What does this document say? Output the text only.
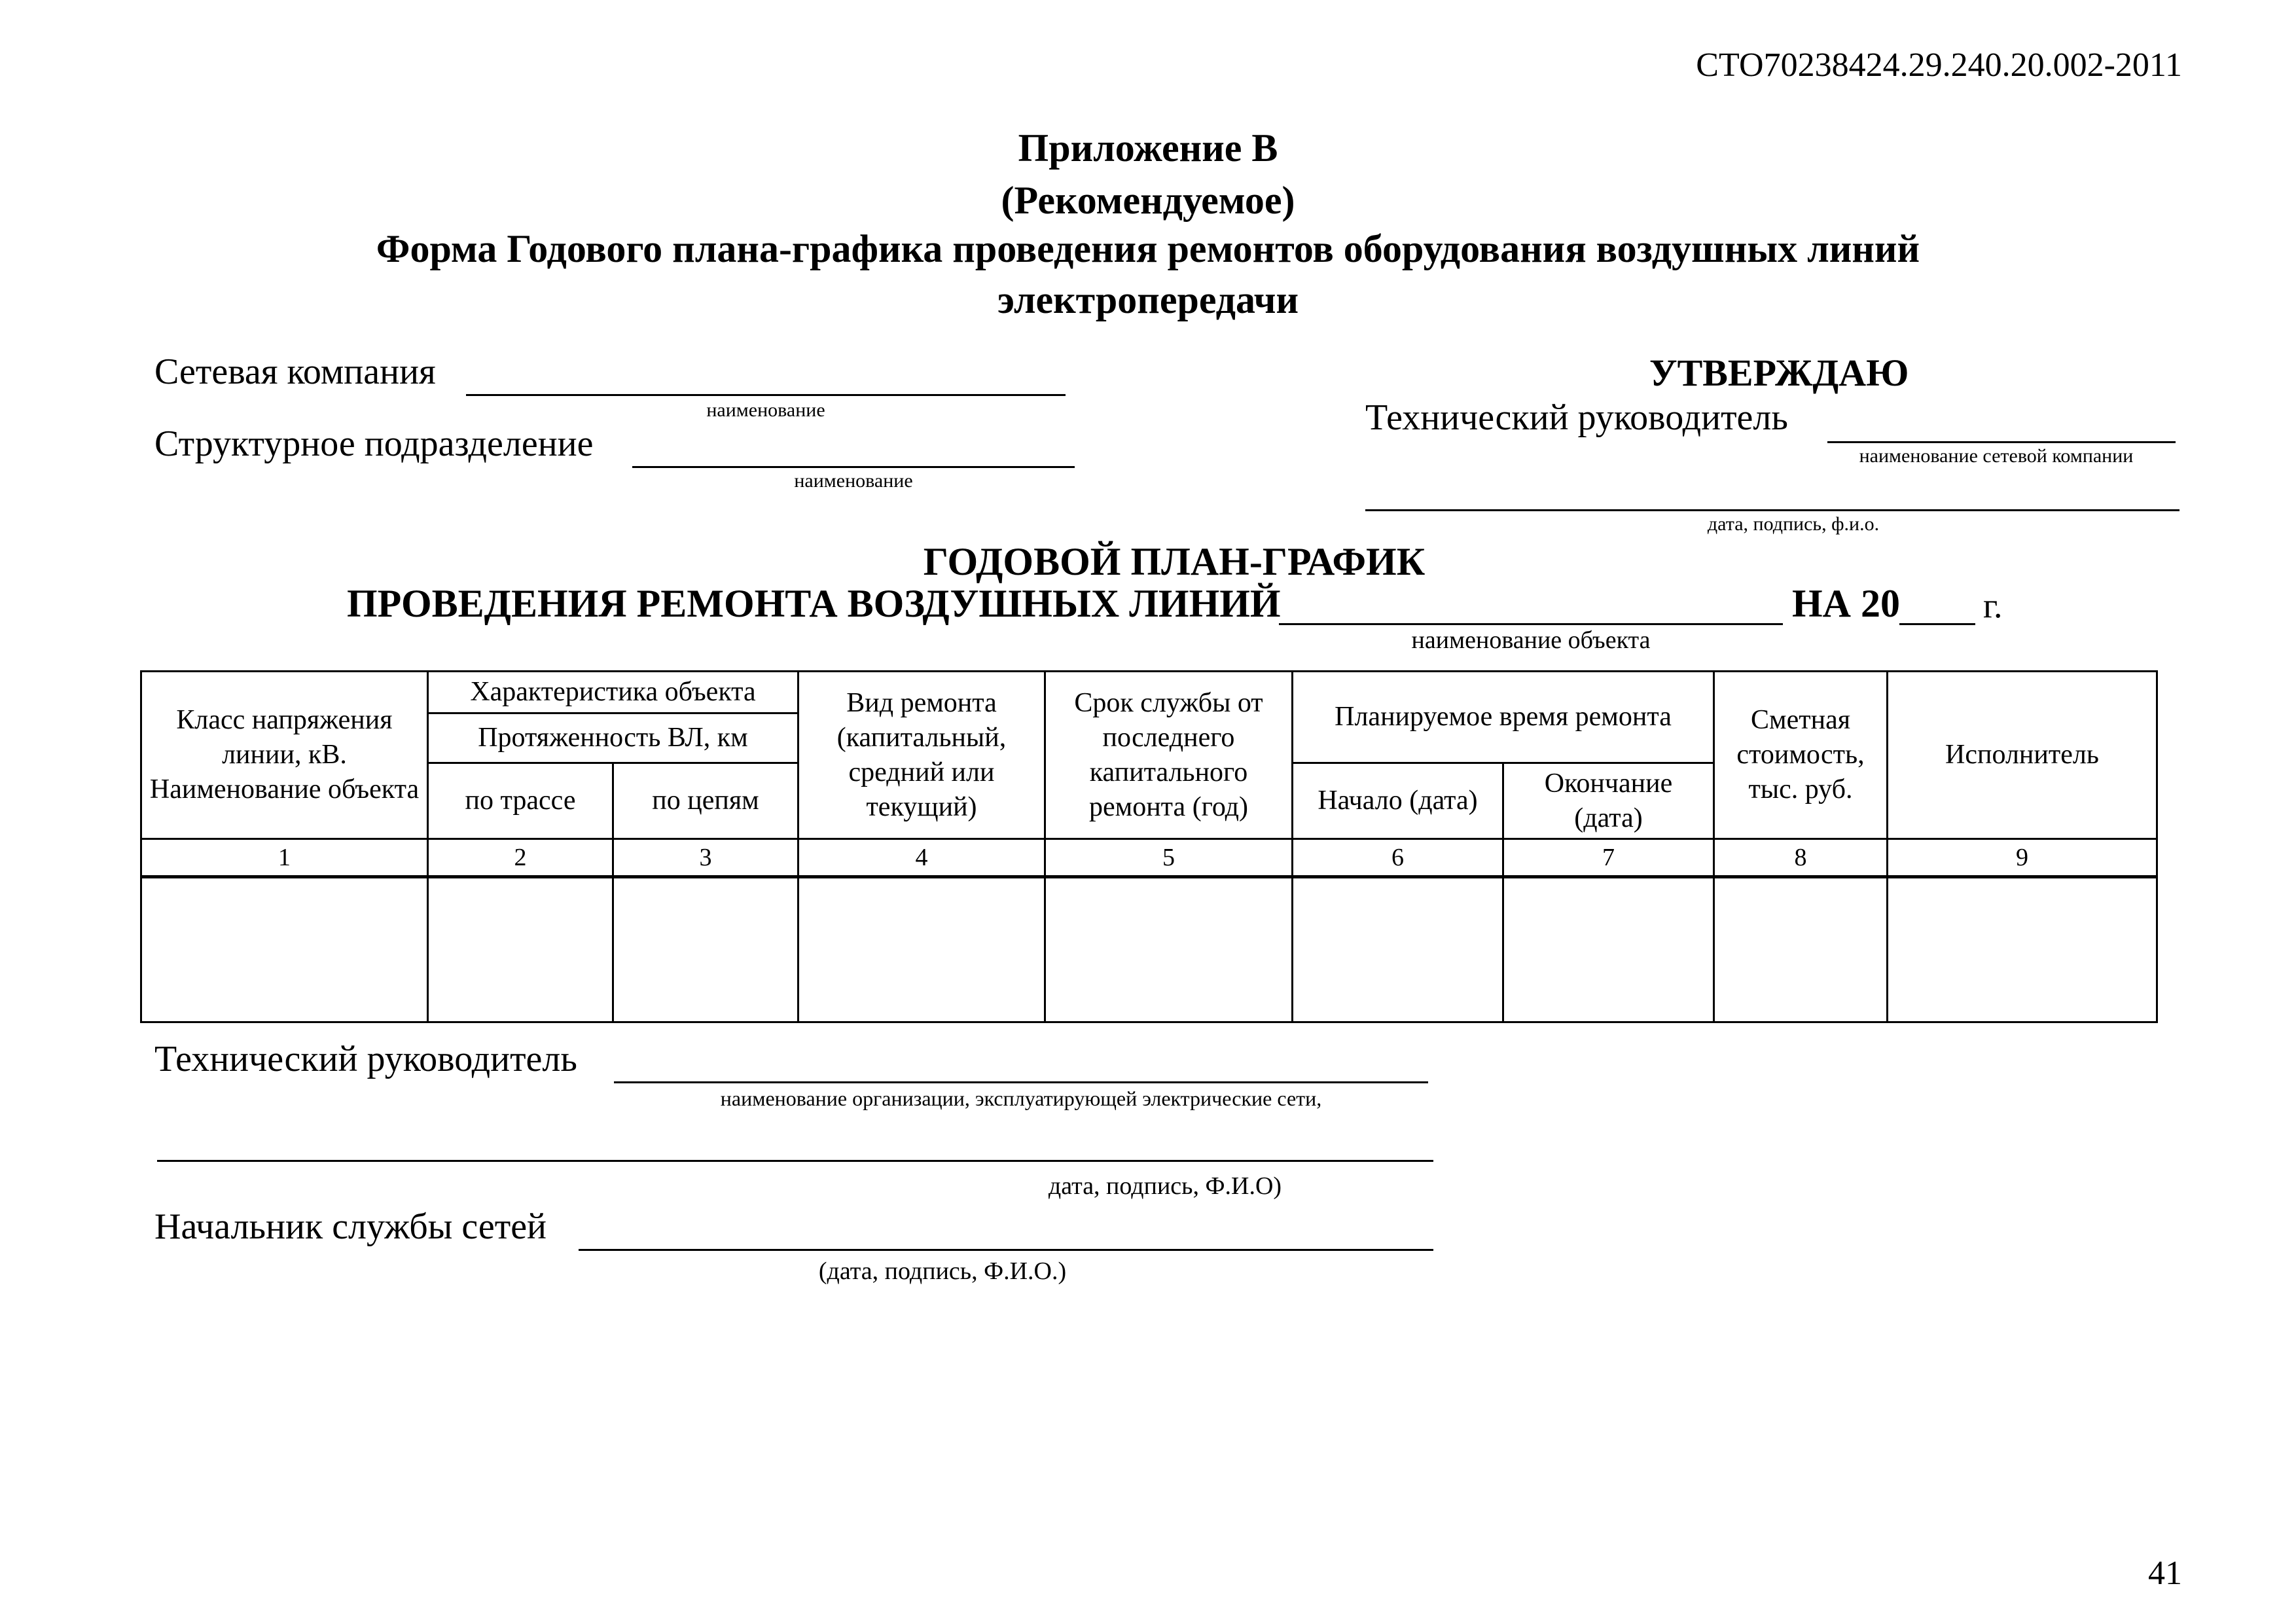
СТО70238424.29.240.20.002-2011
Приложение В
(Рекомендуемое)
Форма Годового плана-графика проведения ремонтов оборудования воздушных линий
электропередачи
Сетевая компания
наименование
Структурное подразделение
наименование
УТВЕРЖДАЮ
Технический руководитель
наименование сетевой компании
дата, подпись, ф.и.о.
ГОДОВОЙ ПЛАН-ГРАФИК
ПРОВЕДЕНИЯ РЕМОНТА ВОЗДУШНЫХ ЛИНИЙ	НА 20 г.
наименование объекта
Класс напряжения линии, кВ. Наименование объекта	Характеристика объекта		Вид ремонта (капитальный, средний или текущий)	Срок службы от последнего капитального ремонта (год)	Планируемое время ремонта		Сметная стоимость, тыс. руб.	Исполнитель
	Протяженность ВЛ, км							
	по трассе	по цепям			Начало (дата)	Окончание (дата)		
1	2	3	4	5	6	7	8	9

Технический руководитель
наименование организации, эксплуатирующей электрические сети,
дата, подпись, Ф.И.О)
Начальник службы сетей
(дата, подпись, Ф.И.О.)
41
